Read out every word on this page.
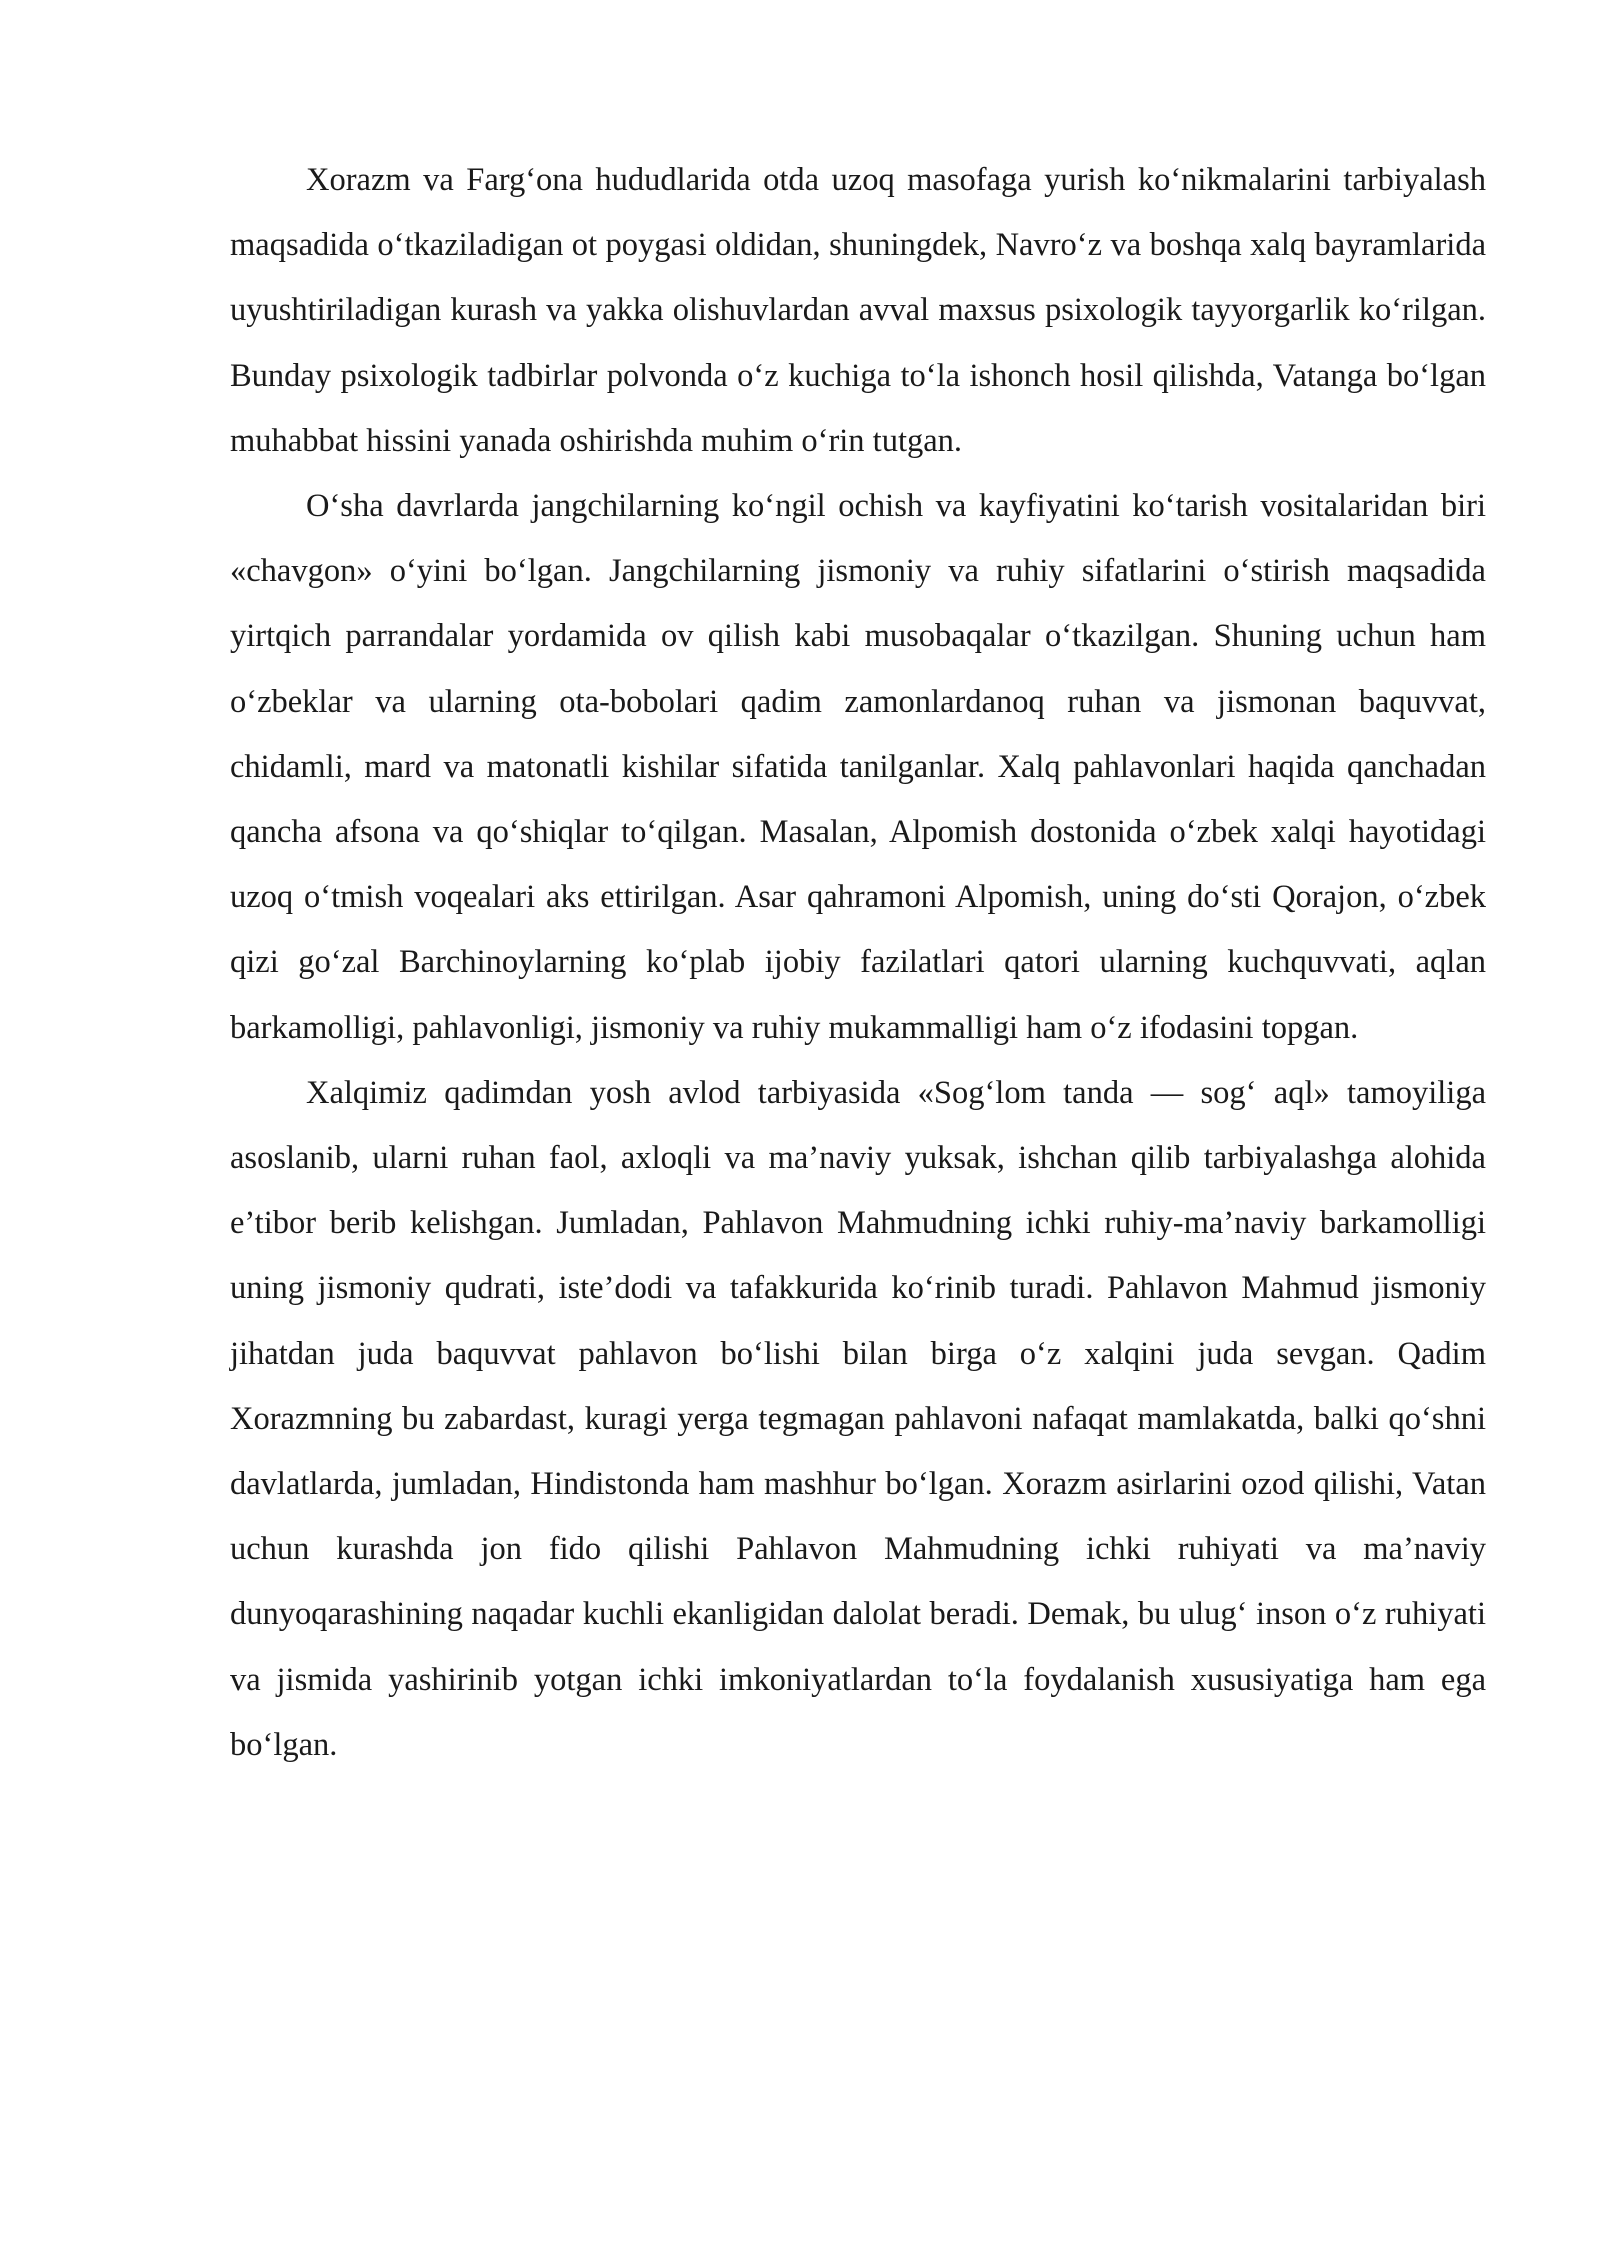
Xorazm va Farg‘ona hududlarida otda uzoq masofaga yurish ko‘nikmalarini tarbiyalash maqsadida o‘tkaziladigan ot poygasi oldidan, shuningdek, Navro‘z va boshqa xalq bayramlarida uyushtiriladigan kurash va yakka olishuvlardan avval maxsus psixologik tayyorgarlik ko‘rilgan. Bunday psixologik tadbirlar polvonda o‘z kuchiga to‘la ishonch hosil qilishda, Vatanga bo‘lgan muhabbat hissini yanada oshirishda muhim o‘rin tutgan.

O‘sha davrlarda jangchilarning ko‘ngil ochish va kayfiyatini ko‘tarish vositalaridan biri «chavgon» o‘yini bo‘lgan. Jangchilarning jismoniy va ruhiy sifatlarini o‘stirish maqsadida yirtqich parrandalar yordamida ov qilish kabi musobaqalar o‘tkazilgan. Shuning uchun ham o‘zbeklar va ularning ota-bobolari qadim zamonlardanoq ruhan va jismonan baquvvat, chidamli, mard va matonatli kishilar sifatida tanilganlar. Xalq pahlavonlari haqida qanchadan qancha afsona va qo‘shiqlar to‘qilgan. Masalan, Alpomish dostonida o‘zbek xalqi hayotidagi uzoq o‘tmish voqealari aks ettirilgan. Asar qahramoni Alpomish, uning do‘sti Qorajon, o‘zbek qizi go‘zal Barchinoylarning ko‘plab ijobiy fazilatlari qatori ularning kuchquvvati, aqlan barkamolligi, pahlavonligi, jismoniy va ruhiy mukammalligi ham o‘z ifodasini topgan.

Xalqimiz qadimdan yosh avlod tarbiyasida «Sog‘lom tanda — sog‘ aql» tamoyiliga asoslanib, ularni ruhan faol, axloqli va ma’naviy yuksak, ishchan qilib tarbiyalashga alohida e’tibor berib kelishgan. Jumladan, Pahlavon Mahmudning ichki ruhiy-ma’naviy barkamolligi uning jismoniy qudrati, iste’dodi va tafakkurida ko‘rinib turadi. Pahlavon Mahmud jismoniy jihatdan juda baquvvat pahlavon bo‘lishi bilan birga o‘z xalqini juda sevgan. Qadim Xorazmning bu zabardast, kuragi yerga tegmagan pahlavoni nafaqat mamlakatda, balki qo‘shni davlatlarda, jumladan, Hindistonda ham mashhur bo‘lgan. Xorazm asirlarini ozod qilishi, Vatan uchun kurashda jon fido qilishi Pahlavon Mahmudning ichki ruhiyati va ma’naviy dunyoqarashining naqadar kuchli ekanligidan dalolat beradi. Demak, bu ulug‘ inson o‘z ruhiyati va jismida yashirinib yotgan ichki imkoniyatlardan to‘la foydalanish xususiyatiga ham ega bo‘lgan.
